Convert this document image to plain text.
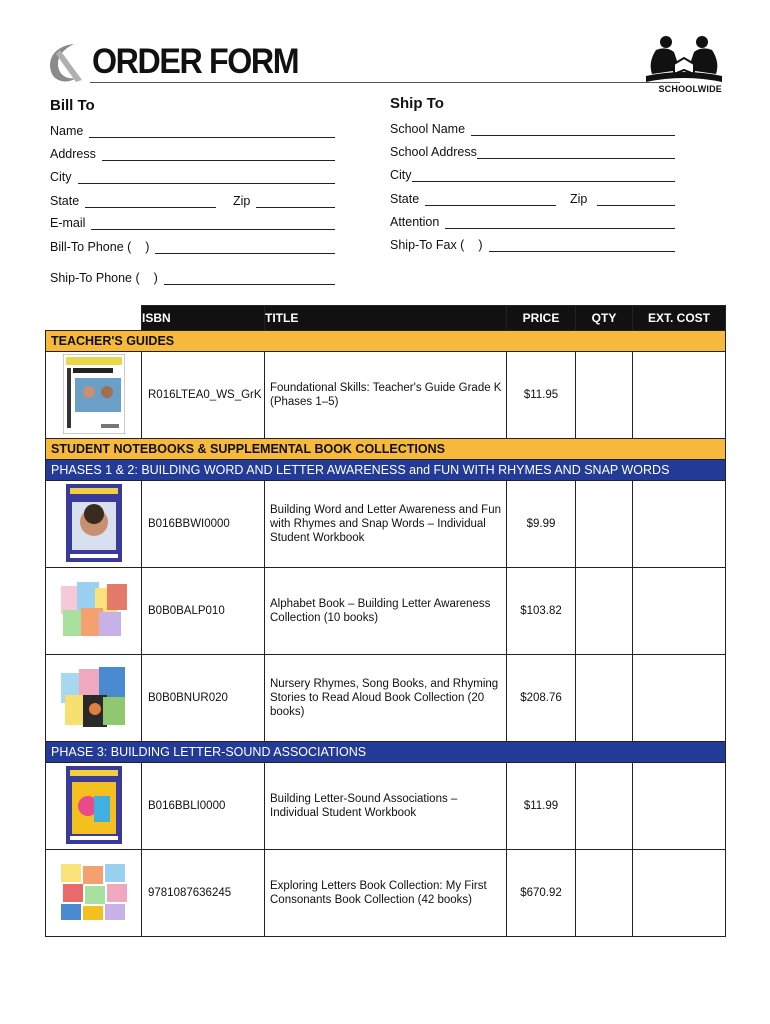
ORDER FORM
SCHOOLWIDE
Bill To
Name
Address
City
State	Zip
E-mail
Bill-To Phone ( )
Ship-To Phone ( )
Ship To
School Name
School Address
City
State	Zip
Attention
Ship-To Fax ( )
	ISBN	TITLE	PRICE	QTY	EXT. COST
TEACHER'S GUIDES					
	R016LTEA0_WS_GrK	Foundational Skills: Teacher's Guide Grade K (Phases 1–5)	$11.95		
STUDENT NOTEBOOKS & SUPPLEMENTAL BOOK COLLECTIONS					
PHASES 1 & 2: BUILDING WORD AND LETTER AWARENESS and FUN WITH RHYMES AND SNAP WORDS					
	B016BBWI0000	Building Word and Letter Awareness and Fun with Rhymes and Snap Words – Individual Student Workbook	$9.99		
	B0B0BALP010	Alphabet Book – Building Letter Awareness Collection (10 books)	$103.82		
	B0B0BNUR020	Nursery Rhymes, Song Books, and Rhyming Stories to Read Aloud Book Collection (20 books)	$208.76		
PHASE 3: BUILDING LETTER-SOUND ASSOCIATIONS					
	B016BBLI0000	Building Letter-Sound Associations – Individual Student Workbook	$11.99		
	9781087636245	Exploring Letters Book Collection: My First Consonants Book Collection (42 books)	$670.92		
